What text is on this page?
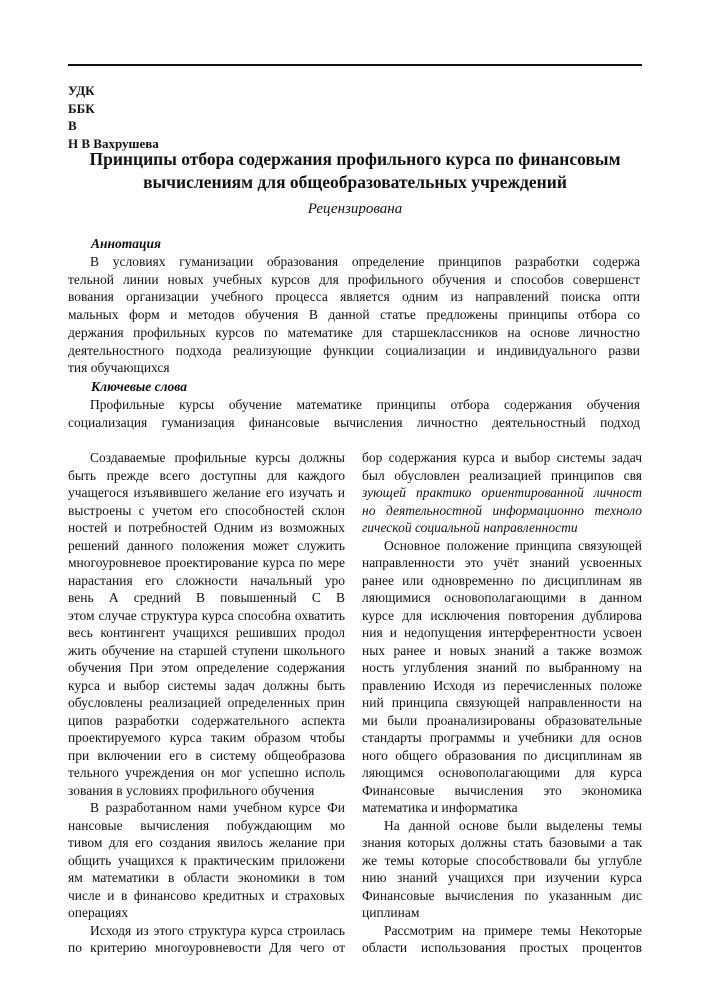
УДК
ББК
В
Н В Вахрушева
Принципы отбора содержания профильного курса по финансовым
вычислениям для общеобразовательных учреждений
Рецензирована
Аннотация
В условиях гуманизации образования определение принципов разработки содержа
тельной линии новых учебных курсов для профильного обучения и способов совершенст
вования организации учебного процесса является одним из направлений поиска опти
мальных форм и методов обучения В данной статье предложены принципы отбора со
держания профильных курсов по математике для старшеклассников на основе личностно
деятельностного подхода реализующие функции социализации и индивидуального разви
тия обучающихся
Ключевые слова
Профильные курсы обучение математике принципы отбора содержания обучения
социализация гуманизация финансовые вычисления личностно деятельностный подход
Создаваемые профильные курсы должны
быть прежде всего доступны для каждого
учащегося изъявившего желание его изучать и
выстроены с учетом его способностей склон
ностей и потребностей Одним из возможных
решений данного положения может служить
многоуровневое проектирование курса по мере
нарастания его сложности начальный уро
вень А средний В повышенный С В
этом случае структура курса способна охватить
весь контингент учащихся решивших продол
жить обучение на старшей ступени школьного
обучения При этом определение содержания
курса и выбор системы задач должны быть
обусловлены реализацией определенных прин
ципов разработки содержательного аспекта
проектируемого курса таким образом чтобы
при включении его в систему общеобразова
тельного учреждения он мог успешно исполь
зования в условиях профильного обучения
В разработанном нами учебном курсе Фи
нансовые вычисления побуждающим мо
тивом для его создания явилось желание при
общить учащихся к практическим приложени
ям математики в области экономики в том
числе и в финансово кредитных и страховых
операциях
Исходя из этого структура курса строилась
по критерию многоуровневости Для чего от
бор содержания курса и выбор системы задач
был обусловлен реализацией принципов свя
зующей практико ориентированной личност
но деятельностной информационно техноло
гической социальной направленности
Основное положение принципа связующей
направленности это учёт знаний усвоенных
ранее или одновременно по дисциплинам яв
ляющимися основополагающими в данном
курсе для исключения повторения дублирова
ния и недопущения интерферентности усвоен
ных ранее и новых знаний а также возмож
ность углубления знаний по выбранному на
правлению Исходя из перечисленных положе
ний принципа связующей направленности на
ми были проанализированы образовательные
стандарты программы и учебники для основ
ного общего образования по дисциплинам яв
ляющимся основополагающими для курса
Финансовые вычисления это экономика
математика и информатика
На данной основе были выделены темы
знания которых должны стать базовыми а так
же темы которые способствовали бы углубле
нию знаний учащихся при изучении курса
Финансовые вычисления по указанным дис
циплинам
Рассмотрим на примере темы Некоторые
области использования простых процентов
